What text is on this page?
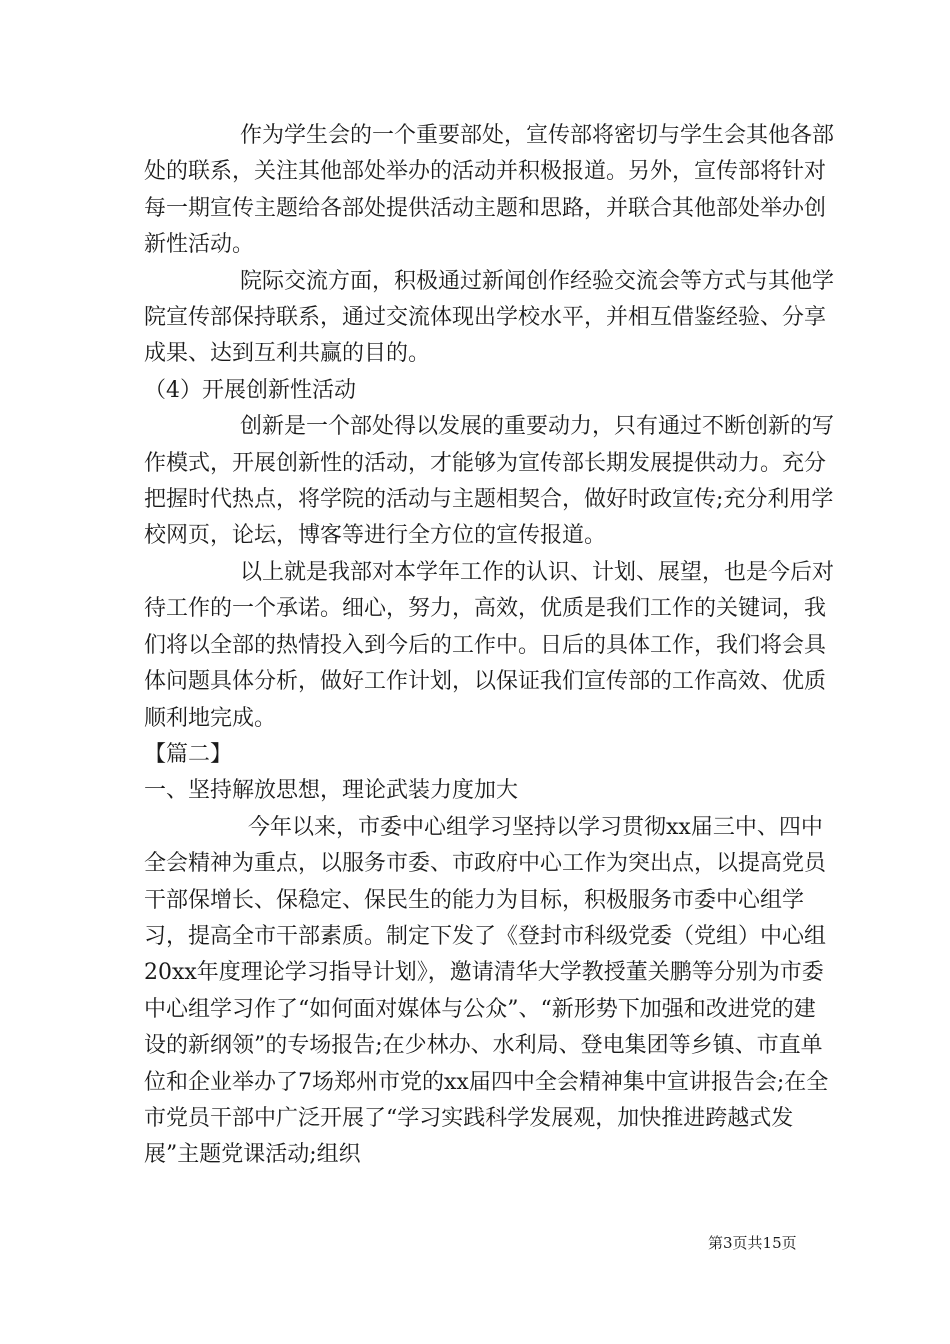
作为学生会的一个重要部处，宣传部将密切与学生会其他各部处的联系，关注其他部处举办的活动并积极报道。另外，宣传部将针对每一期宣传主题给各部处提供活动主题和思路，并联合其他部处举办创新性活动。

院际交流方面，积极通过新闻创作经验交流会等方式与其他学院宣传部保持联系，通过交流体现出学校水平，并相互借鉴经验、分享成果、达到互利共赢的目的。

（4）开展创新性活动

创新是一个部处得以发展的重要动力，只有通过不断创新的写作模式，开展创新性的活动，才能够为宣传部长期发展提供动力。充分把握时代热点，将学院的活动与主题相契合，做好时政宣传;充分利用学校网页，论坛，博客等进行全方位的宣传报道。

以上就是我部对本学年工作的认识、计划、展望，也是今后对待工作的一个承诺。细心，努力，高效，优质是我们工作的关键词，我们将以全部的热情投入到今后的工作中。日后的具体工作，我们将会具体问题具体分析，做好工作计划，以保证我们宣传部的工作高效、优质顺利地完成。

【篇二】

一、坚持解放思想，理论武装力度加大

今年以来，市委中心组学习坚持以学习贯彻xx届三中、四中全会精神为重点，以服务市委、市政府中心工作为突出点，以提高党员干部保增长、保稳定、保民生的能力为目标，积极服务市委中心组学习，提高全市干部素质。制定下发了《登封市科级党委（党组）中心组20xx年度理论学习指导计划》，邀请清华大学教授董关鹏等分别为市委中心组学习作了“如何面对媒体与公众”、“新形势下加强和改进党的建设的新纲领”的专场报告;在少林办、水利局、登电集团等乡镇、市直单位和企业举办了7场郑州市党的xx届四中全会精神集中宣讲报告会;在全市党员干部中广泛开展了“学习实践科学发展观，加快推进跨越式发展”主题党课活动;组织

第3页共15页
